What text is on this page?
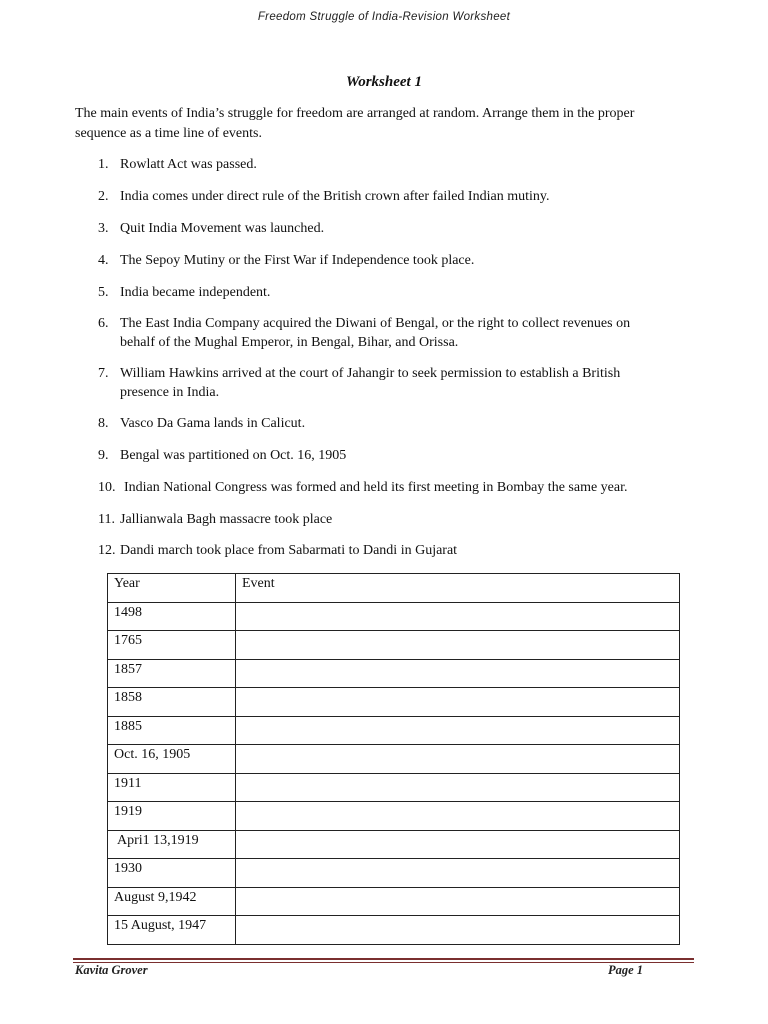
Freedom Struggle of India-Revision Worksheet
Worksheet 1

The main events of India’s struggle for freedom are arranged at random. Arrange them in the proper sequence as a time line of events.

1. Rowlatt Act was passed.
2. India comes under direct rule of the British crown after failed Indian mutiny.
3. Quit India Movement was launched.
4. The Sepoy Mutiny or the First War if Independence took place.
5. India became independent.
6. The East India Company acquired the Diwani of Bengal, or the right to collect revenues on behalf of the Mughal Emperor, in Bengal, Bihar, and Orissa.
7. William Hawkins arrived at the court of Jahangir to seek permission to establish a British presence in India.
8. Vasco Da Gama lands in Calicut.
9. Bengal was partitioned on Oct. 16, 1905
10. Indian National Congress was formed and held its first meeting in Bombay the same year.
11. Jallianwala Bagh massacre took place
12. Dandi march took place from Sabarmati to Dandi in Gujarat
Year	Event
1498	
1765	
1857	
1858	
1885	
Oct. 16, 1905	
1911	
1919	
Apri1 13,1919	
1930	
August 9,1942	
15 August, 1947	
Kavita Grover	Page 1
